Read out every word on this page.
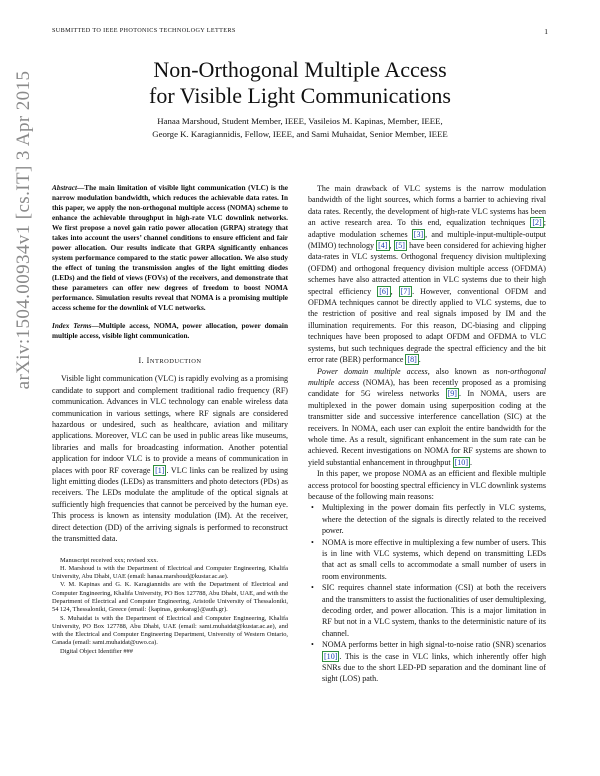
SUBMITTED TO IEEE PHOTONICS TECHNOLOGY LETTERS	1
arXiv:1504.00934v1 [cs.IT] 3 Apr 2015
Non-Orthogonal Multiple Access
for Visible Light Communications
Hanaa Marshoud, Student Member, IEEE, Vasileios M. Kapinas, Member, IEEE,
George K. Karagiannidis, Fellow, IEEE, and Sami Muhaidat, Senior Member, IEEE
Abstract—The main limitation of visible light communication (VLC) is the narrow modulation bandwidth, which reduces the achievable data rates. In this paper, we apply the non-orthogonal multiple access (NOMA) scheme to enhance the achievable throughput in high-rate VLC downlink networks. We first propose a novel gain ratio power allocation (GRPA) strategy that takes into account the users’ channel conditions to ensure efficient and fair power allocation. Our results indicate that GRPA significantly enhances system performance compared to the static power allocation. We also study the effect of tuning the transmission angles of the light emitting diodes (LEDs) and the field of views (FOVs) of the receivers, and demonstrate that these parameters can offer new degrees of freedom to boost NOMA performance. Simulation results reveal that NOMA is a promising multiple access scheme for the downlink of VLC networks.
Index Terms—Multiple access, NOMA, power allocation, power domain multiple access, visible light communication.
I. INTRODUCTION

Visible light communication (VLC) is rapidly evolving as a promising candidate to support and complement traditional radio frequency (RF) communication. Advances in VLC technology can enable wireless data communication in various settings, where RF signals are considered hazardous or undesired, such as healthcare, aviation and military applications. Moreover, VLC can be used in public areas like museums, libraries and malls for broadcasting information. Another potential application for indoor VLC is to provide a means of communication in places with poor RF coverage [1] . VLC links can be realized by using light emitting diodes (LEDs) as transmitters and photo detectors (PDs) as receivers. The LEDs modulate the amplitude of the optical signals at sufficiently high frequencies that cannot be perceived by the human eye. This process is known as intensity modulation (IM). At the receiver, direct detection (DD) of the arriving signals is performed to reconstruct the transmitted data.

Manuscript received xxx; revised xxx.

H. Marshoud is with the Department of Electrical and Computer Engineering, Khalifa University, Abu Dhabi, UAE (email: hanaa.marshoud@kustar.ac.ae).

V. M. Kapinas and G. K. Karagiannidis are with the Department of Electrical and Computer Engineering, Khalifa University, PO Box 127788, Abu Dhabi, UAE, and with the Department of Electrical and Computer Engineering, Aristotle University of Thessaloniki, 54 124, Thessaloniki, Greece (email: {kapinas, geokarag}@auth.gr).

S. Muhaidat is with the Department of Electrical and Computer Engineering, Khalifa University, PO Box 127788, Abu Dhabi, UAE (email: sami.muhaidat@kustar.ac.ae), and with the Electrical and Computer Engineering Department, University of Western Ontario, Canada (email: sami.muhaidat@uwo.ca).

Digital Object Identifier ###

The main drawback of VLC systems is the narrow modulation bandwidth of the light sources, which forms a barrier to achieving rival data rates. Recently, the development of high-rate VLC systems has been an active research area. To this end, equalization techniques [2] ; adaptive modulation schemes [3] , and multiple-input-multiple-output (MIMO) technology [4] , [5] have been considered for achieving higher data-rates in VLC systems. Orthogonal frequency division multiplexing (OFDM) and orthogonal frequency division multiple access (OFDMA) schemes have also attracted attention in VLC systems due to their high spectral efficiency [6] , [7] . However, conventional OFDM and OFDMA techniques cannot be directly applied to VLC systems, due to the restriction of positive and real signals imposed by IM and the illumination requirements. For this reason, DC-biasing and clipping techniques have been proposed to adapt OFDM and OFDMA to VLC systems, but such techniques degrade the spectral efficiency and the bit error rate (BER) performance [8] .

Power domain multiple access, also known as non-orthogonal multiple access (NOMA), has been recently proposed as a promising candidate for 5G wireless networks [9] . In NOMA, users are multiplexed in the power domain using superposition coding at the transmitter side and successive interference cancellation (SIC) at the receivers. In NOMA, each user can exploit the entire bandwidth for the whole time. As a result, significant enhancement in the sum rate can be achieved. Recent investigations on NOMA for RF systems are shown to yield substantial enhancement in throughput [10] .

In this paper, we propose NOMA as an efficient and flexible multiple access protocol for boosting spectral efficiency in VLC downlink systems because of the following main reasons:

• Multiplexing in the power domain fits perfectly in VLC systems, where the detection of the signals is directly related to the received power.
• NOMA is more effective in multiplexing a few number of users. This is in line with VLC systems, which depend on transmitting LEDs that act as small cells to accommodate a small number of users in room environments.
• SIC requires channel state information (CSI) at both the receivers and the transmitters to assist the fuctionalities of user demultiplexing, decoding order, and power allocation. This is a major limitation in RF but not in a VLC system, thanks to the deterministic nature of its channel.
• NOMA performs better in high signal-to-noise ratio (SNR) scenarios [10] . This is the case in VLC links, which inherently offer high SNRs due to the short LED-PD separation and the dominant line of sight (LOS) path.
